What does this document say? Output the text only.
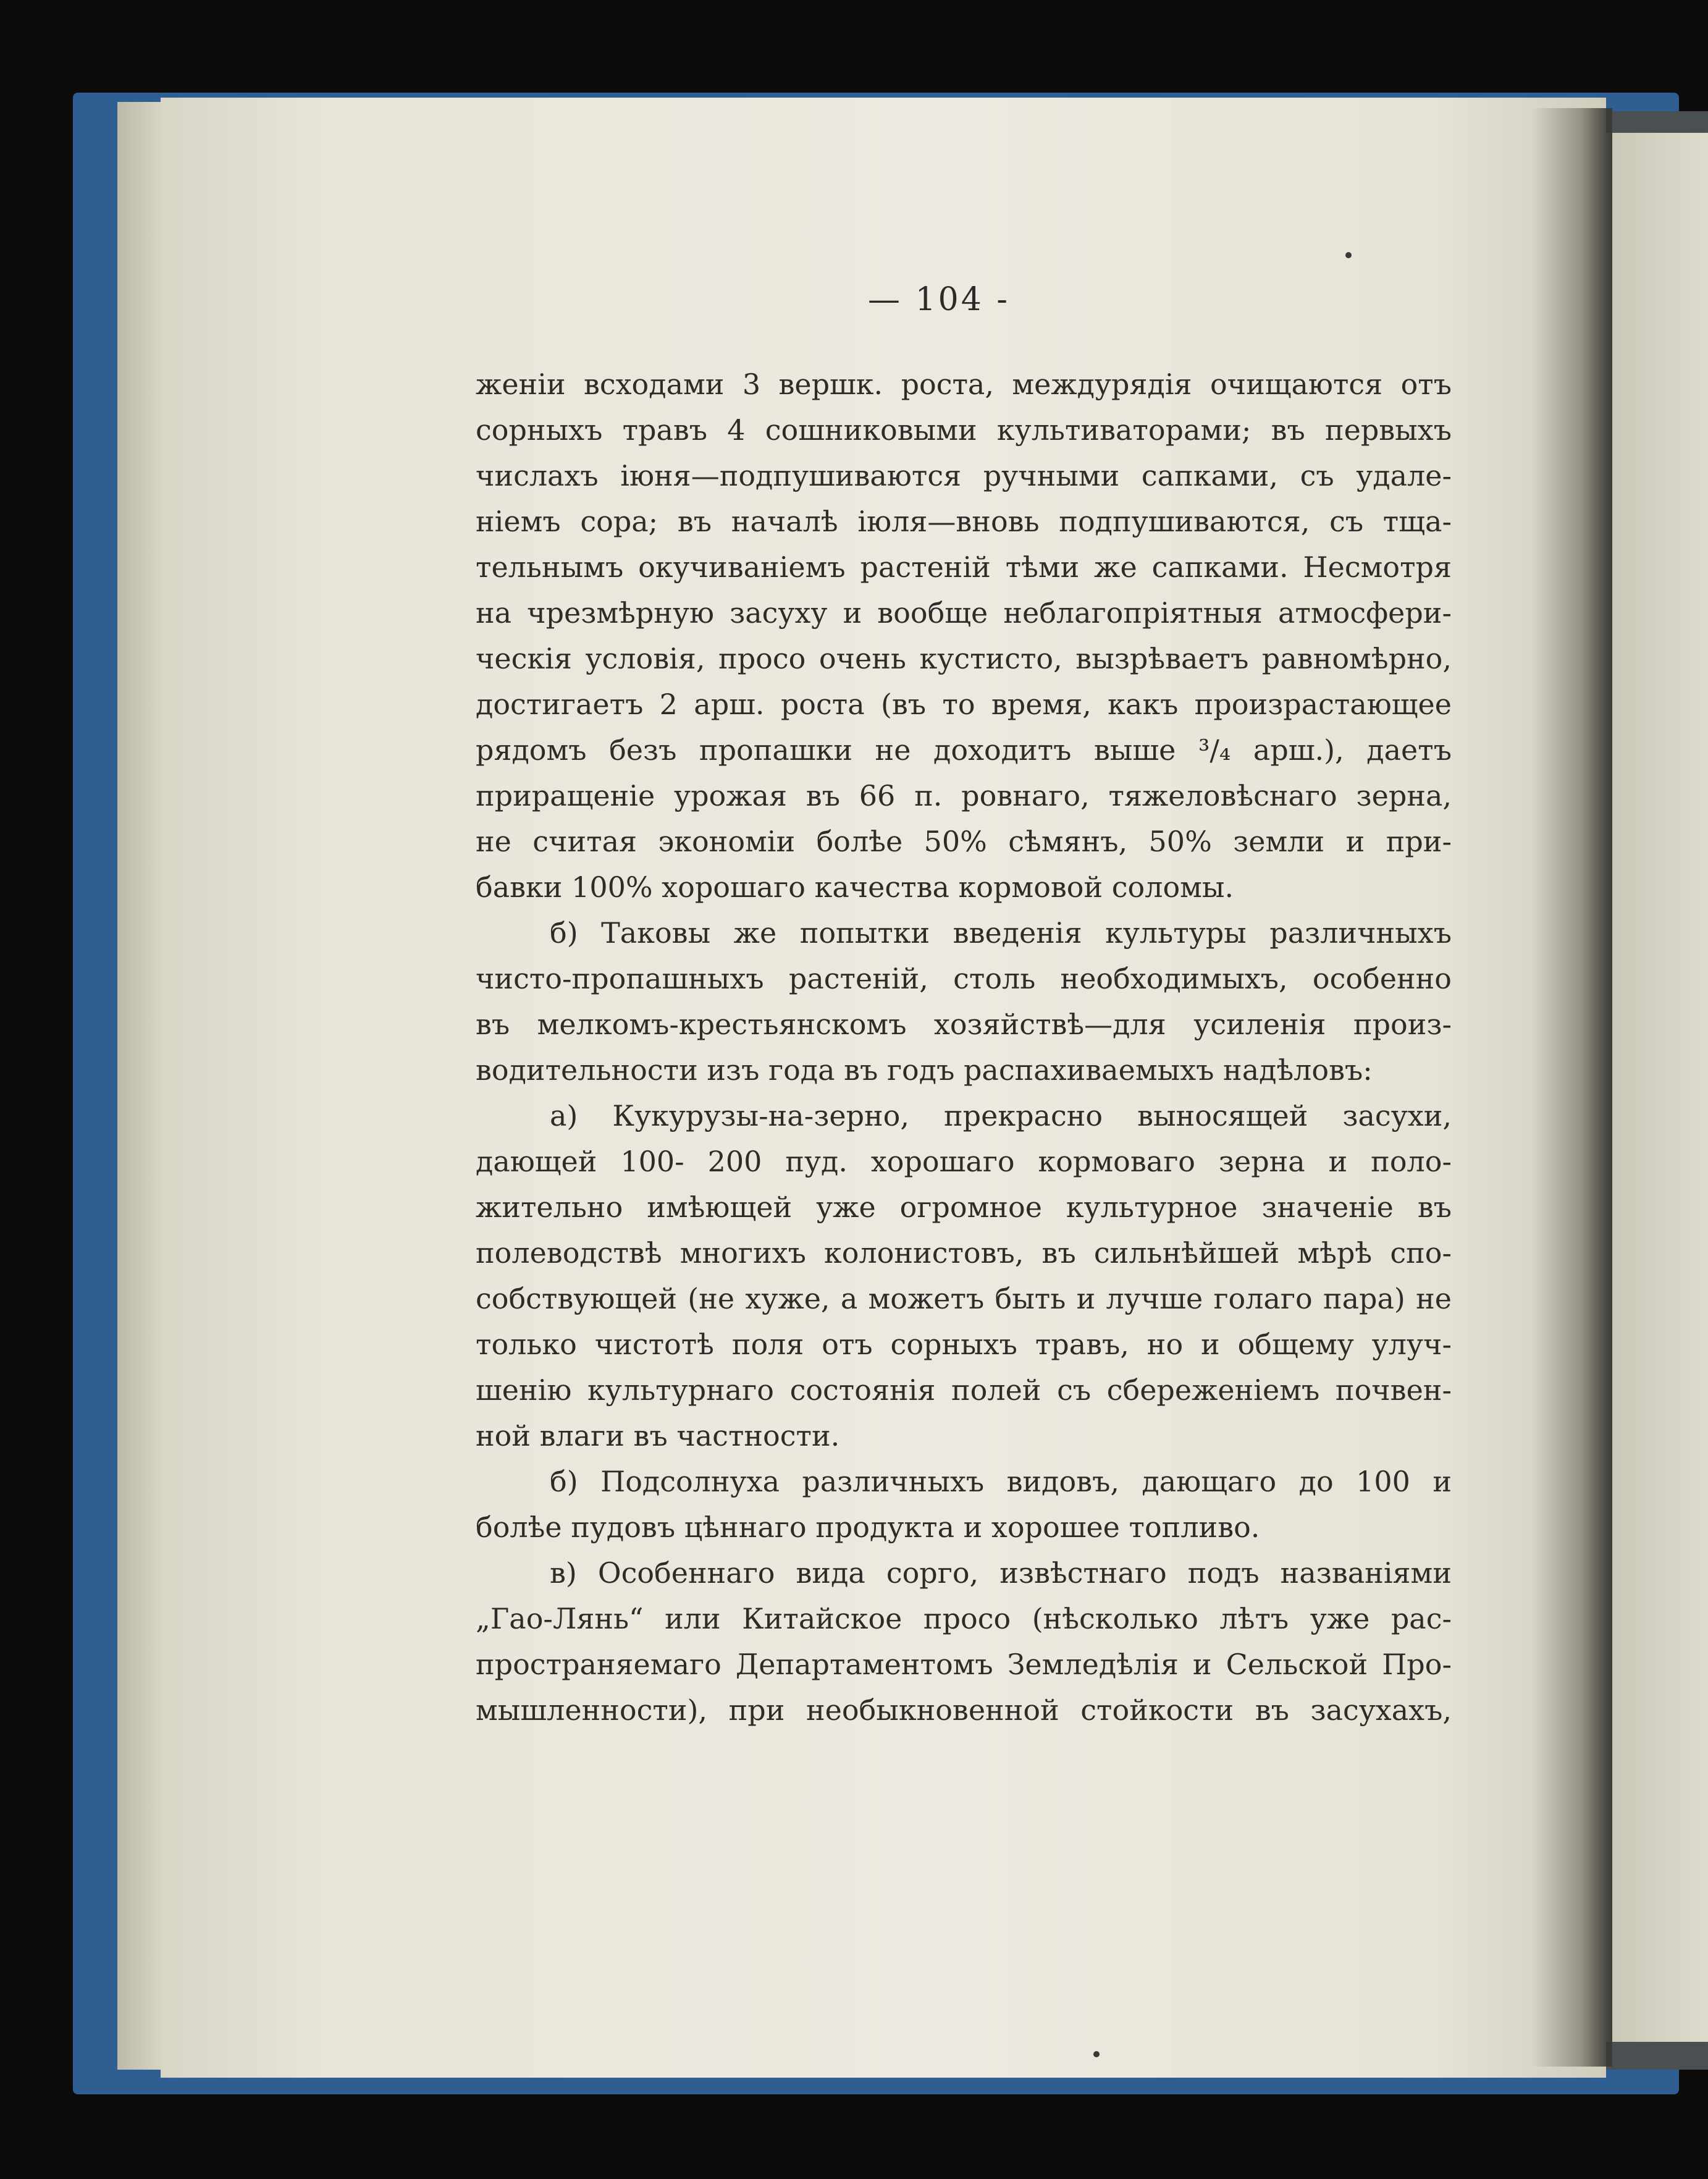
— 104 -
женіи всходами 3 вершк. роста, междурядія очищаются отъ
сорныхъ травъ 4 сошниковыми культиваторами; въ первыхъ
числахъ іюня—подпушиваются ручными сапками, съ удале-
ніемъ сора; въ началѣ іюля—вновь подпушиваются, съ тща-
тельнымъ окучиваніемъ растеній тѣми же сапками. Несмотря
на чрезмѣрную засуху и вообще неблагопріятныя атмосфери-
ческія условія, просо очень кустисто, вызрѣваетъ равномѣрно,
достигаетъ 2 арш. роста (въ то время, какъ произрастающее
рядомъ безъ пропашки не доходитъ выше ³/₄ арш.), даетъ
приращеніе урожая въ 66 п. ровнаго, тяжеловѣснаго зерна,
не считая экономіи болѣе 50% сѣмянъ, 50% земли и при-
бавки 100% хорошаго качества кормовой соломы.
б) Таковы же попытки введенія культуры различныхъ
чисто-пропашныхъ растеній, столь необходимыхъ, особенно
въ мелкомъ-крестьянскомъ хозяйствѣ—для усиленія произ-
водительности изъ года въ годъ распахиваемыхъ надѣловъ:
а) Кукурузы-на-зерно, прекрасно выносящей засухи,
дающей 100- 200 пуд. хорошаго кормоваго зерна и поло-
жительно имѣющей уже огромное культурное значеніе въ
полеводствѣ многихъ колонистовъ, въ сильнѣйшей мѣрѣ спо-
собствующей (не хуже, а можетъ быть и лучше голаго пара) не
только чистотѣ поля отъ сорныхъ травъ, но и общему улуч-
шенію культурнаго состоянія полей съ сбереженіемъ почвен-
ной влаги въ частности.
б) Подсолнуха различныхъ видовъ, дающаго до 100 и
болѣе пудовъ цѣннаго продукта и хорошее топливо.
в) Особеннаго вида сорго, извѣстнаго подъ названіями
„Гао-Лянь“ или Китайское просо (нѣсколько лѣтъ уже рас-
пространяемаго Департаментомъ Земледѣлія и Сельской Про-
мышленности), при необыкновенной стойкости въ засухахъ,
